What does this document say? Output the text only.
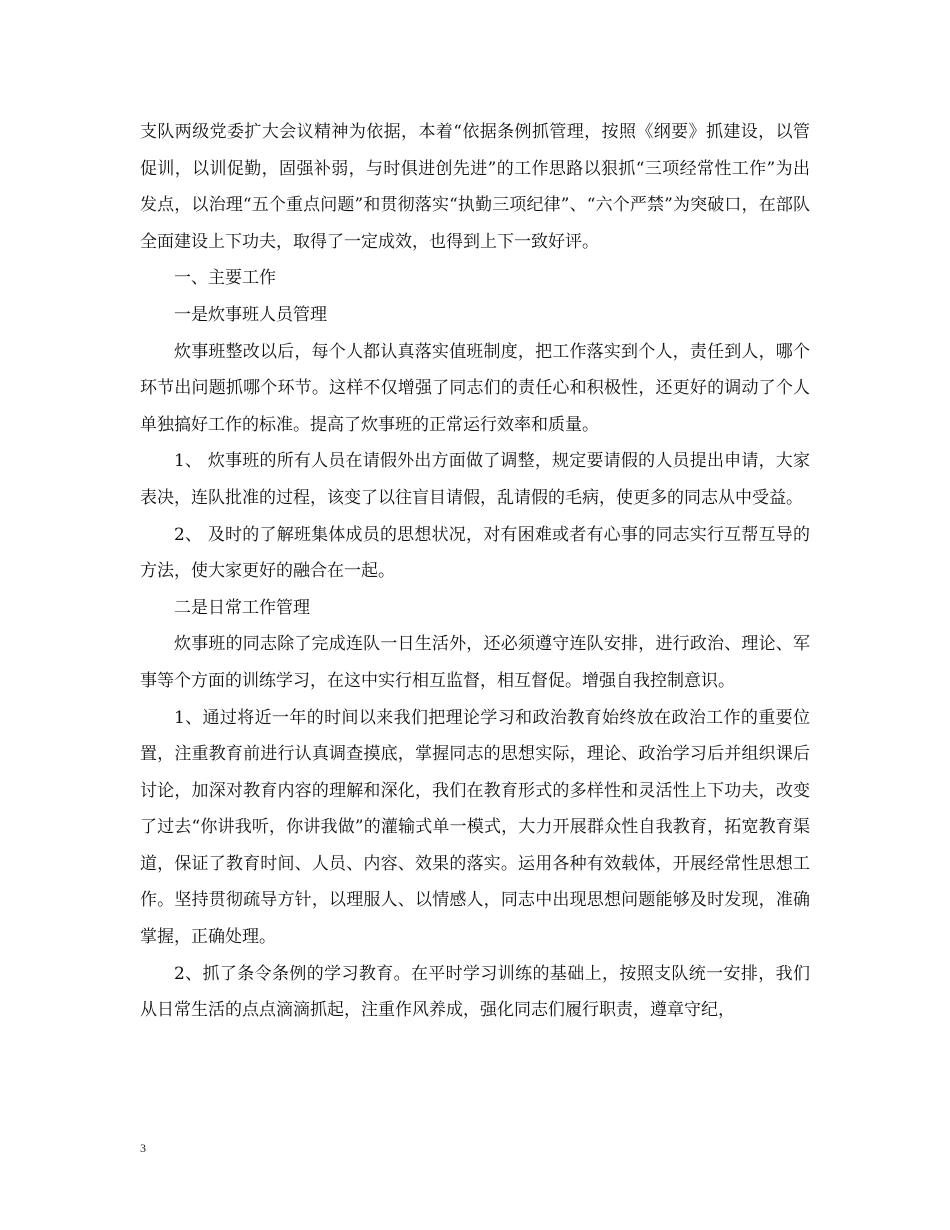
支队两级党委扩大会议精神为依据，本着“依据条例抓管理，按照《纲要》抓建设，以管促训，以训促勤，固强补弱，与时俱进创先进”的工作思路以狠抓“三项经常性工作”为出发点，以治理“五个重点问题”和贯彻落实“执勤三项纪律”、“六个严禁”为突破口，在部队全面建设上下功夫，取得了一定成效，也得到上下一致好评。

一、主要工作

一是炊事班人员管理

炊事班整改以后，每个人都认真落实值班制度，把工作落实到个人，责任到人，哪个环节出问题抓哪个环节。这样不仅增强了同志们的责任心和积极性，还更好的调动了个人单独搞好工作的标准。提高了炊事班的正常运行效率和质量。

1、 炊事班的所有人员在请假外出方面做了调整，规定要请假的人员提出申请，大家表决，连队批准的过程，该变了以往盲目请假，乱请假的毛病，使更多的同志从中受益。

2、 及时的了解班集体成员的思想状况，对有困难或者有心事的同志实行互帮互导的方法，使大家更好的融合在一起。

二是日常工作管理

炊事班的同志除了完成连队一日生活外，还必须遵守连队安排，进行政治、理论、军事等个方面的训练学习，在这中实行相互监督，相互督促。增强自我控制意识。

1、通过将近一年的时间以来我们把理论学习和政治教育始终放在政治工作的重要位置，注重教育前进行认真调查摸底，掌握同志的思想实际，理论、政治学习后并组织课后讨论，加深对教育内容的理解和深化，我们在教育形式的多样性和灵活性上下功夫，改变了过去“你讲我听，你讲我做”的灌输式单一模式，大力开展群众性自我教育，拓宽教育渠道，保证了教育时间、人员、内容、效果的落实。运用各种有效载体，开展经常性思想工作。坚持贯彻疏导方针，以理服人、以情感人，同志中出现思想问题能够及时发现，准确掌握，正确处理。

2、抓了条令条例的学习教育。在平时学习训练的基础上，按照支队统一安排，我们从日常生活的点点滴滴抓起，注重作风养成，强化同志们履行职责，遵章守纪，

3
